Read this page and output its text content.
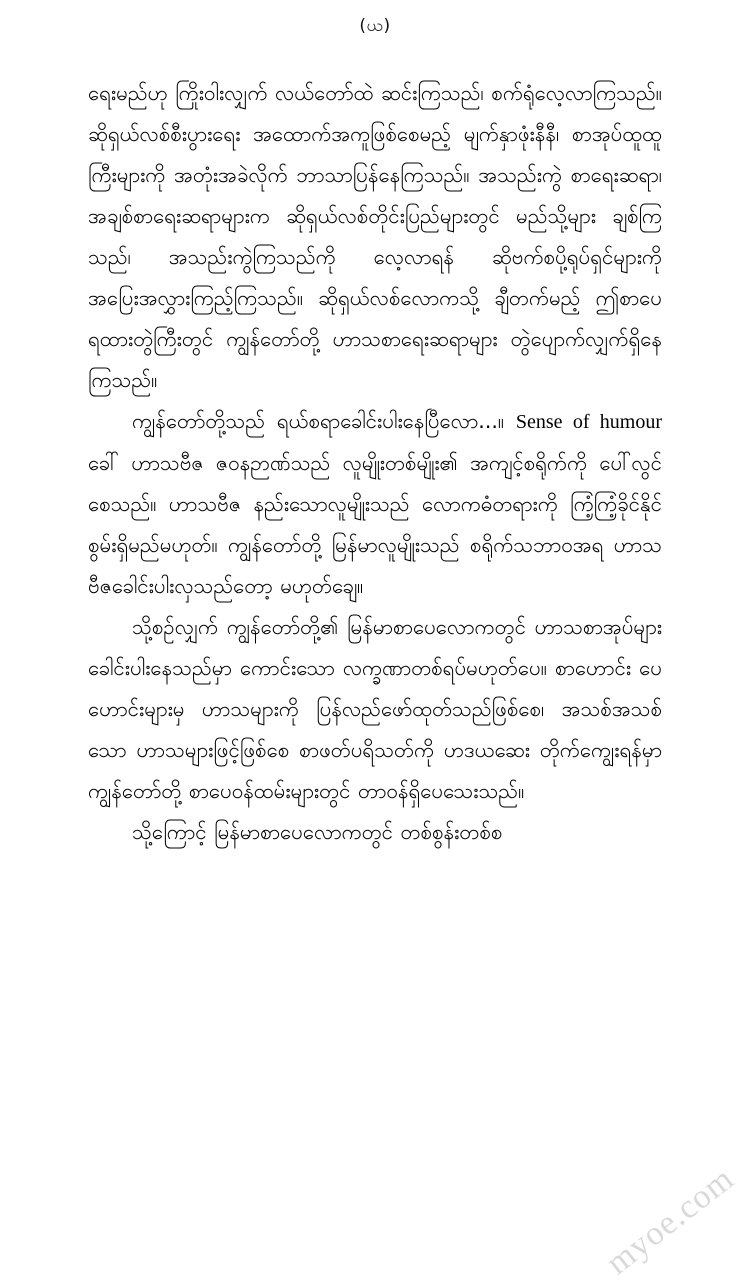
(ယ)

ရေးမည်ဟု ကြိုးဝါးလျှက် လယ်တော်ထဲ ဆင်းကြသည်၊ စက်ရုံလေ့လာကြသည်။ ဆိုရှယ်လစ်စီးပွားရေး အထောက်အကူဖြစ်စေမည့် မျက်နှာဖုံးနီနီ၊ စာအုပ်ထူထူကြီးများကို အတုံးအခဲလိုက် ဘာသာပြန်နေကြသည်။ အသည်းကွဲ စာရေးဆရာ၊ အချစ်စာရေးဆရာများက ဆိုရှယ်လစ်တိုင်းပြည်များတွင် မည်သို့များ ချစ်ကြသည်၊ အသည်းကွဲကြသည်ကို လေ့လာရန် ဆိုဗက်စပို့ရုပ်ရှင်များကို အပြေးအလွှားကြည့်ကြသည်။ ဆိုရှယ်လစ်လောကသို့ ချီတက်မည့် ဤစာပေရထားတွဲကြီးတွင် ကျွန်တော်တို့ ဟာသစာရေးဆရာများ တွဲပျောက်လျှက်ရှိနေကြသည်။

ကျွန်တော်တို့သည် ရယ်စရာခေါင်းပါးနေပြီလော...။ Sense of humour ခေါ် ဟာသဗီဇ ဇဝနဉာဏ်သည် လူမျိုးတစ်မျိုး၏ အကျင့်စရိုက်ကို ပေါ်လွင်စေသည်။ ဟာသဗီဇ နည်းသောလူမျိုးသည် လောကဓံတရားကို ကြံ့ကြံ့ခိုင်နိုင်စွမ်းရှိမည်မဟုတ်။ ကျွန်တော်တို့ မြန်မာလူမျိုးသည် စရိုက်သဘာဝအရ ဟာသဗီဇခေါင်းပါးလှသည်တော့ မဟုတ်ချေ။

သို့စဉ်လျှက် ကျွန်တော်တို့၏ မြန်မာစာပေလောကတွင် ဟာသစာအုပ်များ ခေါင်းပါးနေသည်မှာ ကောင်းသော လက္ခဏာတစ်ရပ်မဟုတ်ပေ။ စာဟောင်း ပေဟောင်းများမှ ဟာသများကို ပြန်လည်ဖော်ထုတ်သည်ဖြစ်စေ၊ အသစ်အသစ်သော ဟာသများဖြင့်ဖြစ်စေ စာဖတ်ပရိသတ်ကို ဟဒယဆေး တိုက်ကျွေးရန်မှာ ကျွန်တော်တို့ စာပေဝန်ထမ်းများတွင် တာဝန်ရှိပေသေးသည်။

သို့ကြောင့် မြန်မာစာပေလောကတွင် တစ်စွန်းတစ်စ

myoe.com
